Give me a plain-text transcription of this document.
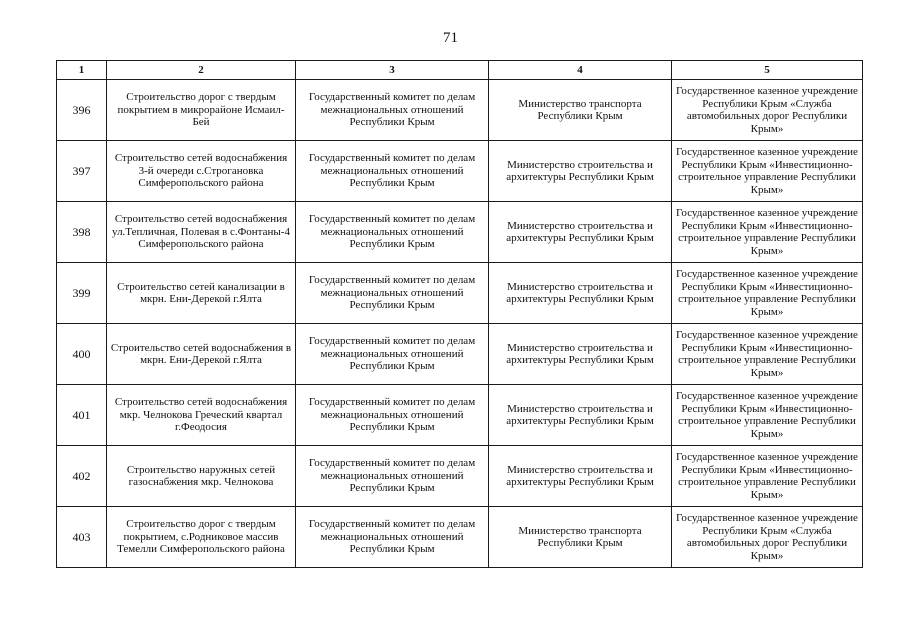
71
1	2	3	4	5
396	Строительство дорог с твердым покрытием в микрорайоне Исмаил-Бей	Государственный комитет по делам межнациональных отношений Республики Крым	Министерство транспорта Республики Крым	Государственное казенное учреждение Республики Крым «Служба автомобильных дорог Республики Крым»
397	Строительство сетей водоснабжения 3-й очереди с.Строгановка Симферопольского района	Государственный комитет по делам межнациональных отношений Республики Крым	Министерство строительства и архитектуры Республики Крым	Государственное казенное учреждение Республики Крым «Инвестиционно-строительное управление Республики Крым»
398	Строительство сетей водоснабжения ул.Тепличная, Полевая в с.Фонтаны-4 Симферопольского района	Государственный комитет по делам межнациональных отношений Республики Крым	Министерство строительства и архитектуры Республики Крым	Государственное казенное учреждение Республики Крым «Инвестиционно-строительное управление Республики Крым»
399	Строительство сетей канализации в мкрн. Ени-Дерекой г.Ялта	Государственный комитет по делам межнациональных отношений Республики Крым	Министерство строительства и архитектуры Республики Крым	Государственное казенное учреждение Республики Крым «Инвестиционно-строительное управление Республики Крым»
400	Строительство сетей водоснабжения в мкрн. Ени-Дерекой г.Ялта	Государственный комитет по делам межнациональных отношений Республики Крым	Министерство строительства и архитектуры Республики Крым	Государственное казенное учреждение Республики Крым «Инвестиционно-строительное управление Республики Крым»
401	Строительство сетей водоснабжения мкр. Челнокова Греческий квартал г.Феодосия	Государственный комитет по делам межнациональных отношений Республики Крым	Министерство строительства и архитектуры Республики Крым	Государственное казенное учреждение Республики Крым «Инвестиционно-строительное управление Республики Крым»
402	Строительство наружных сетей газоснабжения мкр. Челнокова	Государственный комитет по делам межнациональных отношений Республики Крым	Министерство строительства и архитектуры Республики Крым	Государственное казенное учреждение Республики Крым «Инвестиционно-строительное управление Республики Крым»
403	Строительство дорог с твердым покрытием, с.Родниковое массив Темелли Симферопольского района	Государственный комитет по делам межнациональных отношений Республики Крым	Министерство транспорта Республики Крым	Государственное казенное учреждение Республики Крым «Служба автомобильных дорог Республики Крым»
